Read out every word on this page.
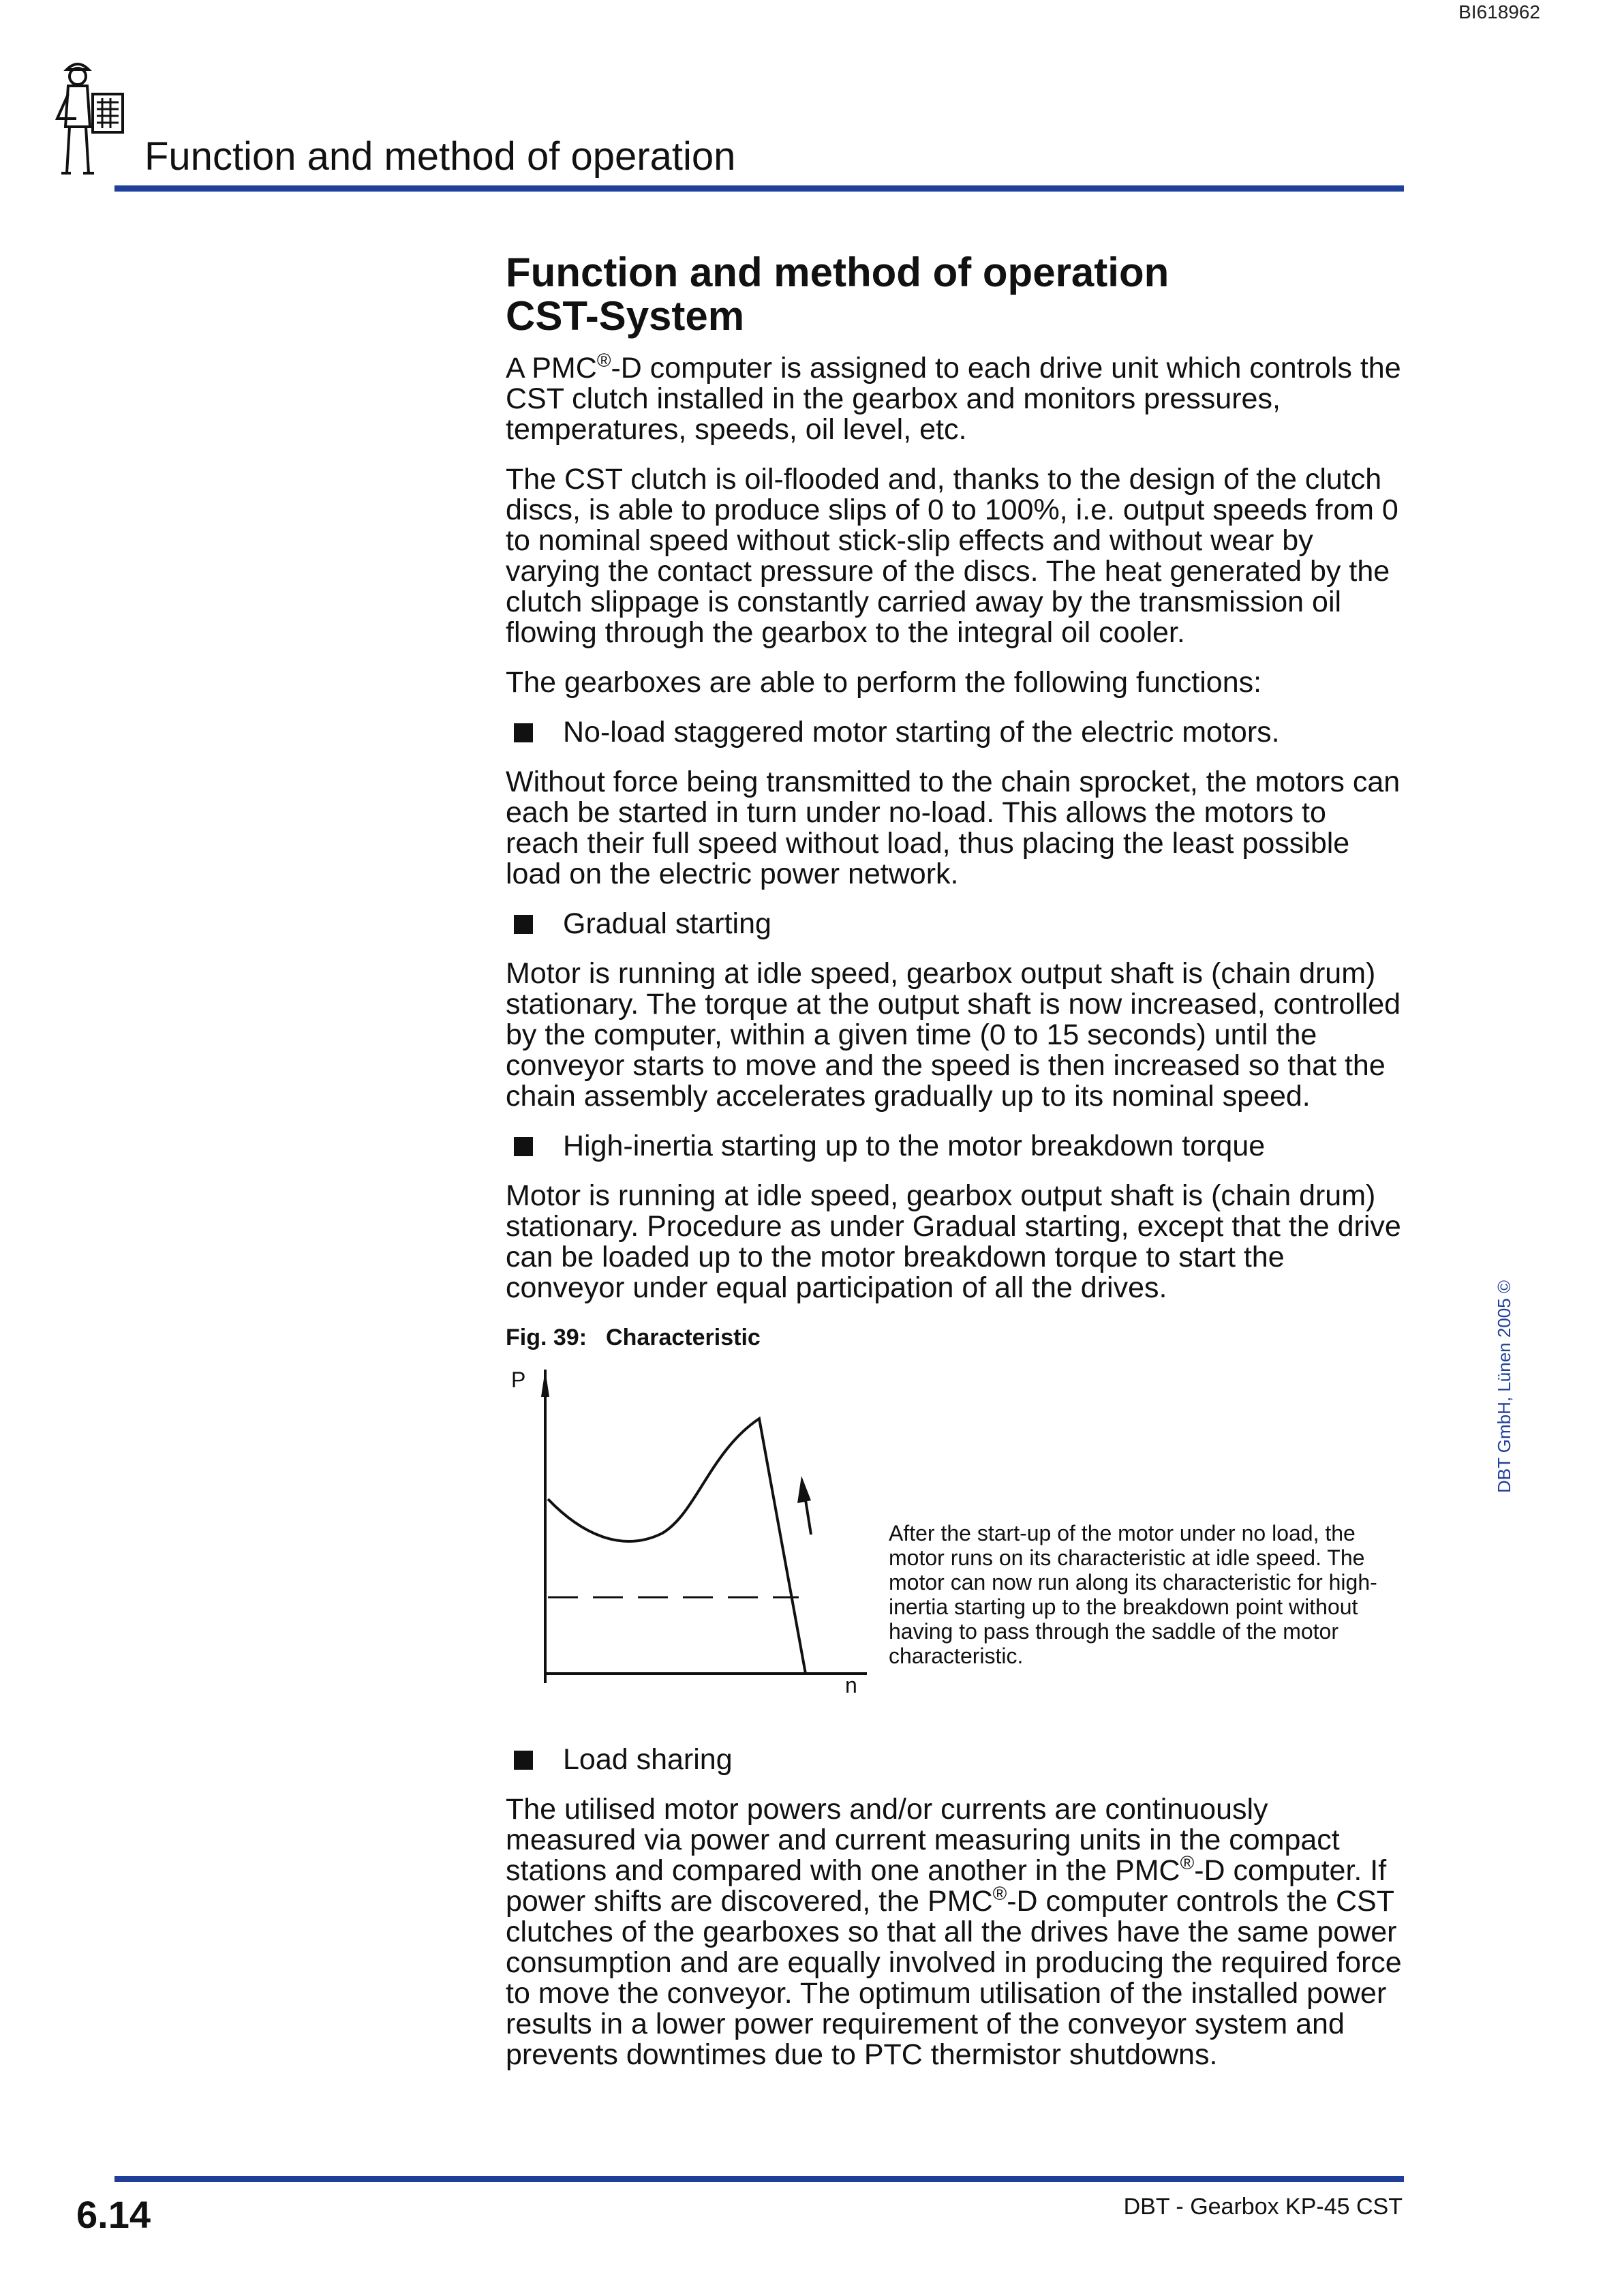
BI618962
Function and method of operation
Function and method of operation
CST-System

A PMC®-D computer is assigned to each drive unit which controls the CST clutch installed in the gearbox and monitors pressures, temperatures, speeds, oil level, etc.

The CST clutch is oil-flooded and, thanks to the design of the clutch discs, is able to produce slips of 0 to 100%, i.e. output speeds from 0 to nominal speed without stick-slip effects and without wear by varying the contact pressure of the discs. The heat generated by the clutch slippage is constantly carried away by the transmission oil flowing through the gearbox to the integral oil cooler.

The gearboxes are able to perform the following functions:

No-load staggered motor starting of the electric motors.

Without force being transmitted to the chain sprocket, the motors can each be started in turn under no-load. This allows the motors to reach their full speed without load, thus placing the least possible load on the electric power network.

Gradual starting

Motor is running at idle speed, gearbox output shaft is (chain drum) stationary. The torque at the output shaft is now increased, controlled by the computer, within a given time (0 to 15 seconds) until the conveyor starts to move and the speed is then increased so that the chain assembly accelerates gradually up to its nominal speed.

High-inertia starting up to the motor breakdown torque

Motor is running at idle speed, gearbox output shaft is (chain drum) stationary. Procedure as under Gradual starting, except that the drive can be loaded up to the motor breakdown torque to start the conveyor under equal participation of all the drives.

Fig. 39: Characteristic
P
n
After the start-up of the motor under no load, the motor runs on its characteristic at idle speed. The motor can now run along its characteristic for high-inertia starting up to the breakdown point without having to pass through the saddle of the motor characteristic.
Load sharing

The utilised motor powers and/or currents are continuously measured via power and current measuring units in the compact stations and compared with one another in the PMC®-D computer. If power shifts are discovered, the PMC®-D computer controls the CST clutches of the gearboxes so that all the drives have the same power consumption and are equally involved in producing the required force to move the conveyor. The optimum utilisation of the installed power results in a lower power requirement of the conveyor system and prevents downtimes due to PTC thermistor shutdowns.

DBT GmbH, Lünen 2005 ©
6.14	DBT - Gearbox KP-45 CST
